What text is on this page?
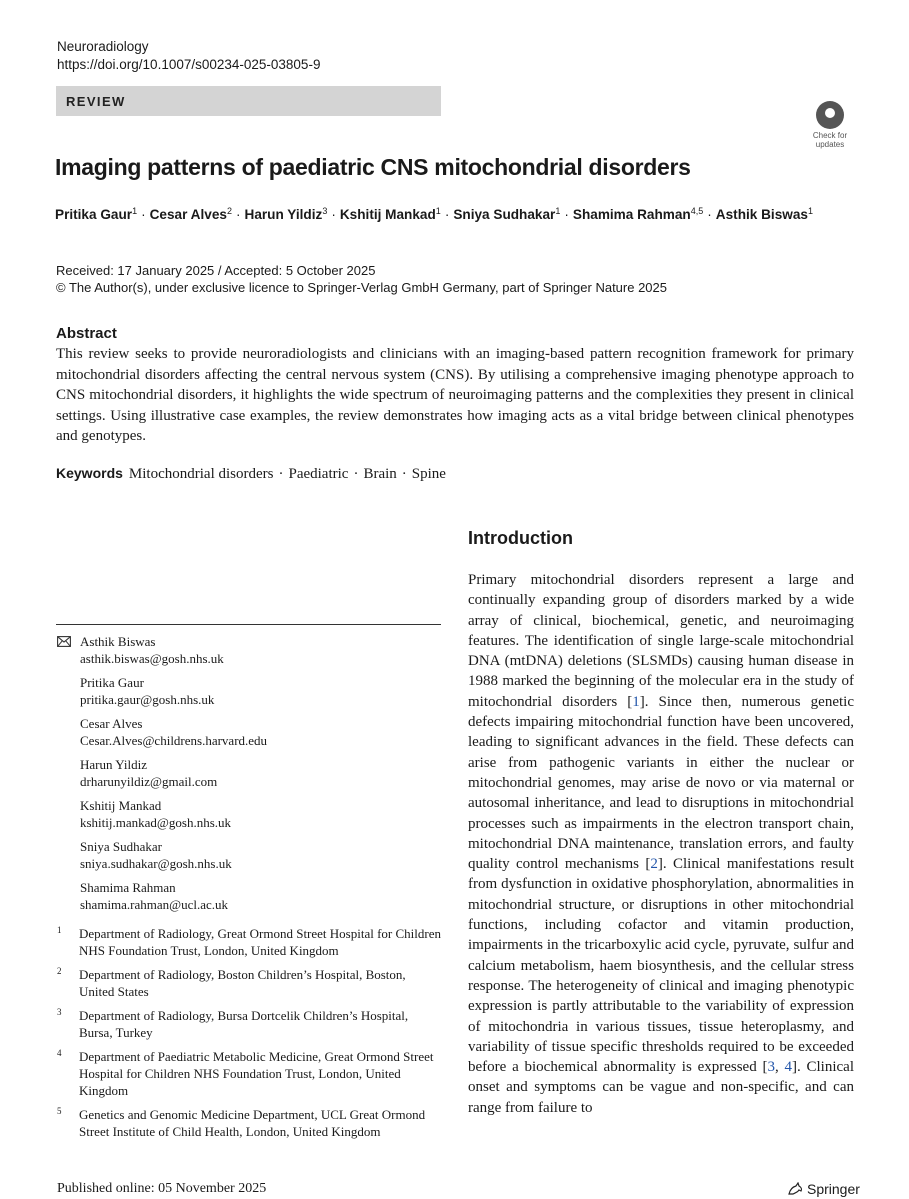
Neuroradiology
https://doi.org/10.1007/s00234-025-03805-9
REVIEW
Check for
updates
Imaging patterns of paediatric CNS mitochondrial disorders
Pritika Gaur$^1$ · Cesar Alves$^2$ · Harun Yildiz$^3$ · Kshitij Mankad$^1$ · Sniya Sudhakar$^1$ · Shamima Rahman$^{4,5}$ · Asthik Biswas$^1$
Received: 17 January 2025 / Accepted: 5 October 2025
© The Author(s), under exclusive licence to Springer-Verlag GmbH Germany, part of Springer Nature 2025
Abstract
This review seeks to provide neuroradiologists and clinicians with an imaging-based pattern recognition framework for primary mitochondrial disorders affecting the central nervous system (CNS). By utilising a comprehensive imaging phenotype approach to CNS mitochondrial disorders, it highlights the wide spectrum of neuroimaging patterns and the complexities they present in clinical settings. Using illustrative case examples, the review demonstrates how imaging acts as a vital bridge between clinical phenotypes and genotypes.
Keywords Mitochondrial disorders · Paediatric · Brain · Spine
Introduction
Primary mitochondrial disorders represent a large and continually expanding group of disorders marked by a wide array of clinical, biochemical, genetic, and neuroimaging features. The identification of single large-scale mitochondrial DNA (mtDNA) deletions (SLSMDs) causing human disease in 1988 marked the beginning of the molecular era in the study of mitochondrial disorders [1]. Since then, numerous genetic defects impairing mitochondrial function have been uncovered, leading to significant advances in the field. These defects can arise from pathogenic variants in either the nuclear or mitochondrial genomes, may arise de novo or via maternal or autosomal inheritance, and lead to disruptions in mitochondrial processes such as impairments in the electron transport chain, mitochondrial DNA maintenance, translation errors, and faulty quality control mechanisms [2]. Clinical manifestations result from dysfunction in oxidative phosphorylation, abnormalities in mitochondrial structure, or disruptions in other mitochondrial functions, including cofactor and vitamin production, impairments in the tricarboxylic acid cycle, pyruvate, sulfur and calcium metabolism, haem biosynthesis, and the cellular stress response. The heterogeneity of clinical and imaging phenotypic expression is partly attributable to the variability of expression of mitochondria in various tissues, tissue heteroplasmy, and variability of tissue specific thresholds required to be exceeded before a biochemical abnormality is expressed [3, 4]. Clinical onset and symptoms can be vague and non-specific, and can range from failure to
Asthik Biswas
asthik.biswas@gosh.nhs.uk
Pritika Gaur
pritika.gaur@gosh.nhs.uk
Cesar Alves
Cesar.Alves@childrens.harvard.edu
Harun Yildiz
drharunyildiz@gmail.com
Kshitij Mankad
kshitij.mankad@gosh.nhs.uk
Sniya Sudhakar
sniya.sudhakar@gosh.nhs.uk
Shamima Rahman
shamima.rahman@ucl.ac.uk
1	Department of Radiology, Great Ormond Street Hospital for Children NHS Foundation Trust, London, United Kingdom
2	Department of Radiology, Boston Children’s Hospital, Boston, United States
3	Department of Radiology, Bursa Dortcelik Children’s Hospital, Bursa, Turkey
4	Department of Paediatric Metabolic Medicine, Great Ormond Street Hospital for Children NHS Foundation Trust, London, United Kingdom
5	Genetics and Genomic Medicine Department, UCL Great Ormond Street Institute of Child Health, London, United Kingdom
Published online: 05 November 2025	Springer
